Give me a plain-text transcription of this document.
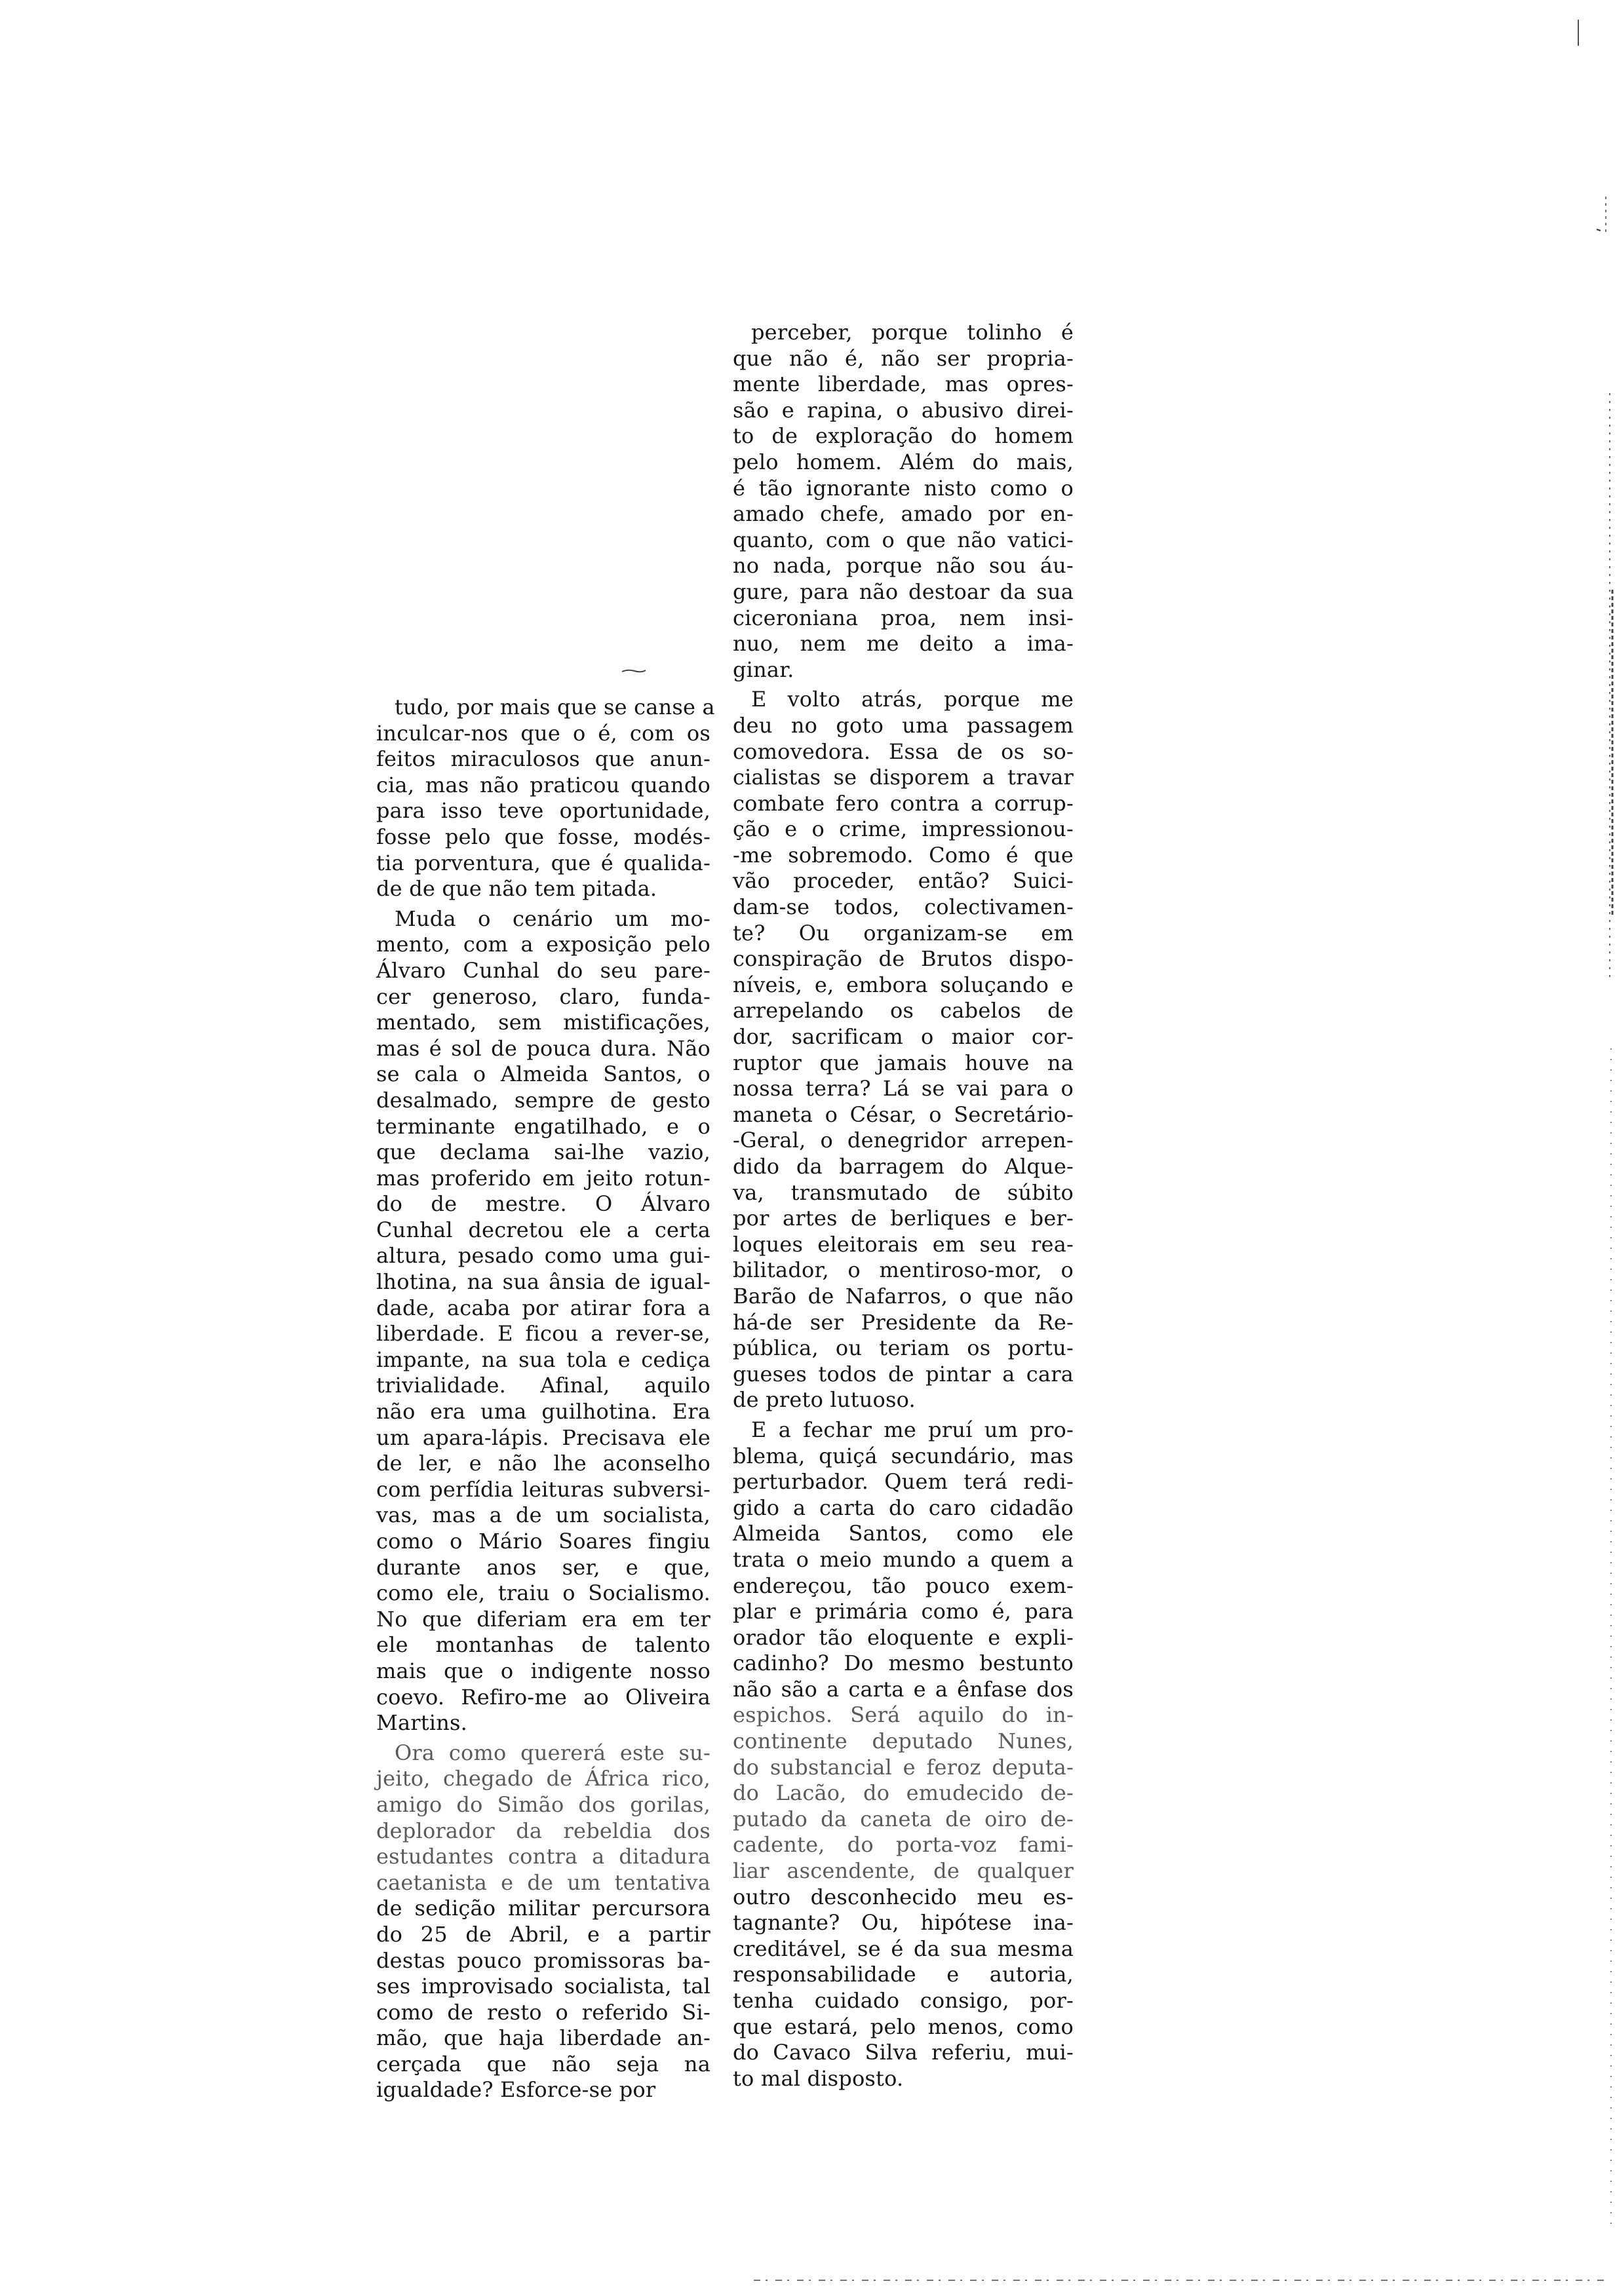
tudo, por mais que se canse a
inculcar-nos que o é, com os
feitos miraculosos que anun-
cia, mas não praticou quando
para isso teve oportunidade,
fosse pelo que fosse, modés-
tia porventura, que é qualida-
de de que não tem pitada.

Muda o cenário um mo-
mento, com a exposição pelo
Álvaro Cunhal do seu pare-
cer generoso, claro, funda-
mentado, sem mistificações,
mas é sol de pouca dura. Não
se cala o Almeida Santos, o
desalmado, sempre de gesto
terminante engatilhado, e o
que declama sai-lhe vazio,
mas proferido em jeito rotun-
do de mestre. O Álvaro
Cunhal decretou ele a certa
altura, pesado como uma gui-
lhotina, na sua ânsia de igual-
dade, acaba por atirar fora a
liberdade. E ficou a rever-se,
impante, na sua tola e cediça
trivialidade. Afinal, aquilo
não era uma guilhotina. Era
um apara-lápis. Precisava ele
de ler, e não lhe aconselho
com perfídia leituras subversi-
vas, mas a de um socialista,
como o Mário Soares fingiu
durante anos ser, e que,
como ele, traiu o Socialismo.
No que diferiam era em ter
ele montanhas de talento
mais que o indigente nosso
coevo. Refiro-me ao Oliveira
Martins.

Ora como quererá este su-
jeito, chegado de África rico,
amigo do Simão dos gorilas,
deplorador da rebeldia dos
estudantes contra a ditadura
caetanista e de um tentativa
de sedição militar percursora
do 25 de Abril, e a partir
destas pouco promissoras ba-
ses improvisado socialista, tal
como de resto o referido Si-
mão, que haja liberdade an-
cerçada que não seja na
igualdade? Esforce-se por

perceber, porque tolinho é
que não é, não ser propria-
mente liberdade, mas opres-
são e rapina, o abusivo direi-
to de exploração do homem
pelo homem. Além do mais,
é tão ignorante nisto como o
amado chefe, amado por en-
quanto, com o que não vatici-
no nada, porque não sou áu-
gure, para não destoar da sua
ciceroniana proa, nem insi-
nuo, nem me deito a ima-
ginar.

E volto atrás, porque me
deu no goto uma passagem
comovedora. Essa de os so-
cialistas se disporem a travar
combate fero contra a corrup-
ção e o crime, impressionou-
-me sobremodo. Como é que
vão proceder, então? Suici-
dam-se todos, colectivamen-
te? Ou organizam-se em
conspiração de Brutos dispo-
níveis, e, embora soluçando e
arrepelando os cabelos de
dor, sacrificam o maior cor-
ruptor que jamais houve na
nossa terra? Lá se vai para o
maneta o César, o Secretário-
-Geral, o denegridor arrepen-
dido da barragem do Alque-
va, transmutado de súbito
por artes de berliques e ber-
loques eleitorais em seu rea-
bilitador, o mentiroso-mor, o
Barão de Nafarros, o que não
há-de ser Presidente da Re-
pública, ou teriam os portu-
gueses todos de pintar a cara
de preto lutuoso.

E a fechar me pruí um pro-
blema, quiçá secundário, mas
perturbador. Quem terá redi-
gido a carta do caro cidadão
Almeida Santos, como ele
trata o meio mundo a quem a
endereçou, tão pouco exem-
plar e primária como é, para
orador tão eloquente e expli-
cadinho? Do mesmo bestunto
não são a carta e a ênfase dos
espichos. Será aquilo do in-
continente deputado Nunes,
do substancial e feroz deputa-
do Lacão, do emudecido de-
putado da caneta de oiro de-
cadente, do porta-voz fami-
liar ascendente, de qualquer
outro desconhecido meu es-
tagnante? Ou, hipótese ina-
creditável, se é da sua mesma
responsabilidade e autoria,
tenha cuidado consigo, por-
que estará, pelo menos, como
do Cavaco Silva referiu, mui-
to mal disposto.
